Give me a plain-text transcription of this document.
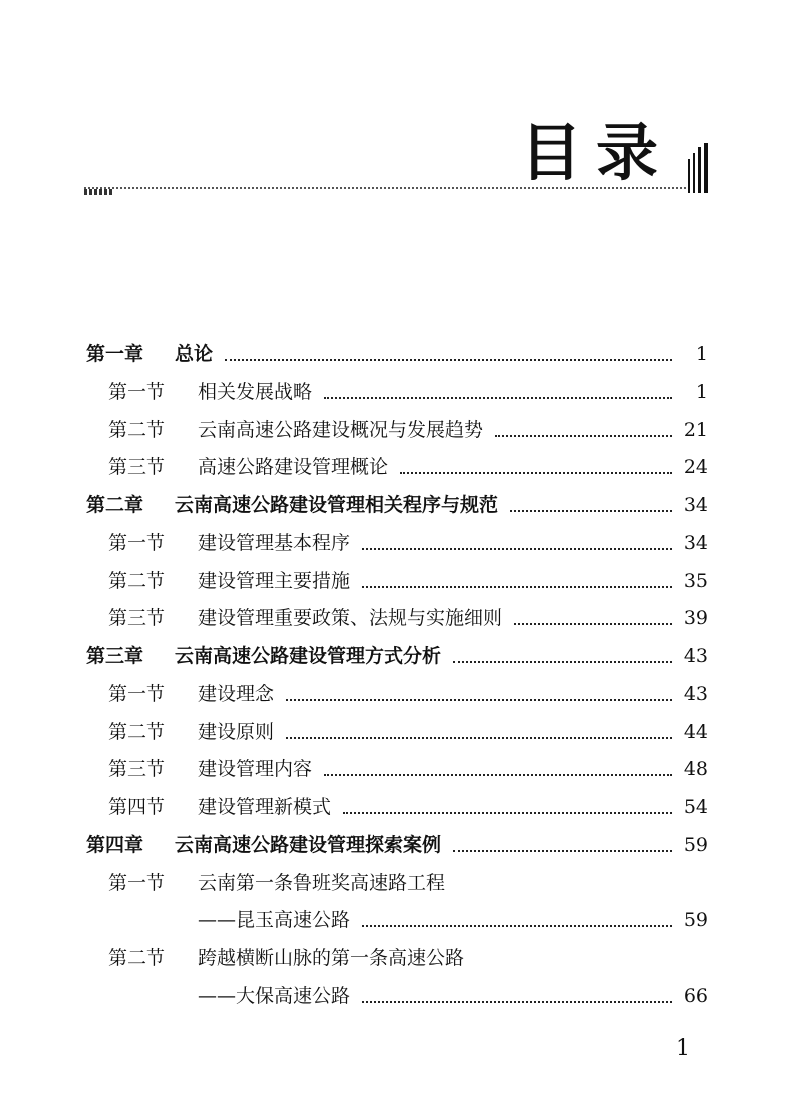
目录
第一章 总论	1
第一节 相关发展战略	1
第二节 云南高速公路建设概况与发展趋势	21
第三节 高速公路建设管理概论	24
第二章 云南高速公路建设管理相关程序与规范	34
第一节 建设管理基本程序	34
第二节 建设管理主要措施	35
第三节 建设管理重要政策、法规与实施细则	39
第三章 云南高速公路建设管理方式分析	43
第一节 建设理念	43
第二节 建设原则	44
第三节 建设管理内容	48
第四节 建设管理新模式	54
第四章 云南高速公路建设管理探索案例	59
第一节 云南第一条鲁班奖高速路工程
——昆玉高速公路	59
第二节 跨越横断山脉的第一条高速公路
——大保高速公路	66
1
